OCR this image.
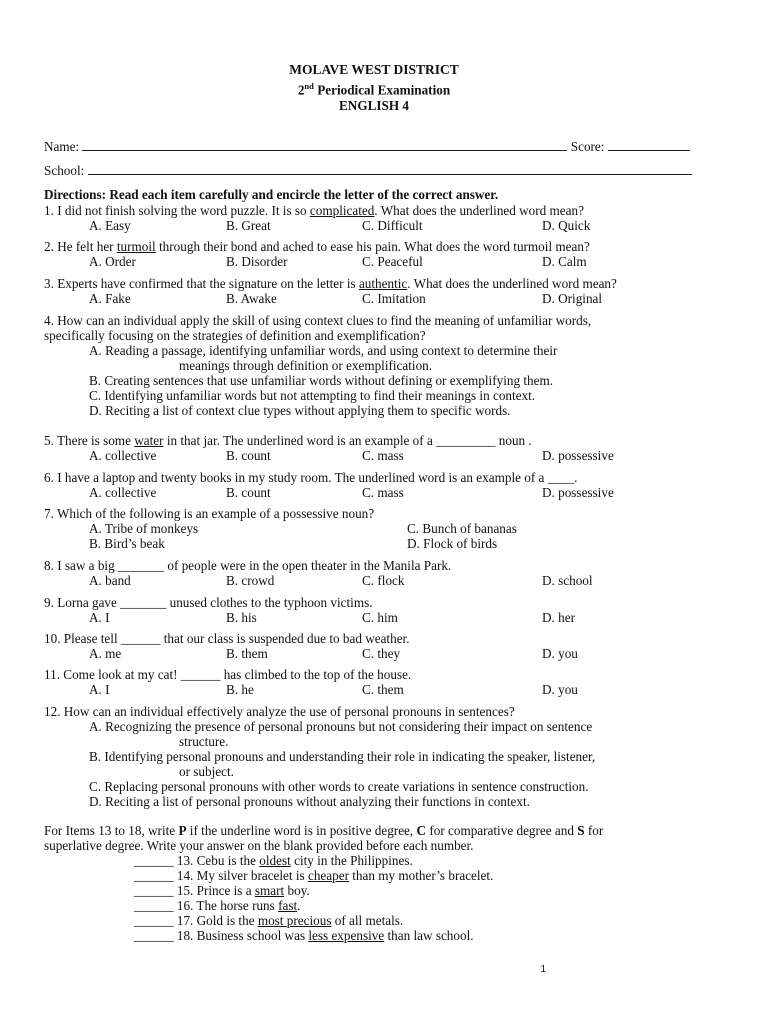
MOLAVE WEST DISTRICT
2nd Periodical Examination
ENGLISH 4
Name:	Score:
School:
Directions: Read each item carefully and encircle the letter of the correct answer.
1. I did not finish solving the word puzzle. It is so complicated. What does the underlined word mean?
A. Easy	B. Great	C. Difficult	D. Quick
2. He felt her turmoil through their bond and ached to ease his pain. What does the word turmoil mean?
A. Order	B. Disorder	C. Peaceful	D. Calm
3. Experts have confirmed that the signature on the letter is authentic. What does the underlined word mean?
A. Fake	B. Awake	C. Imitation	D. Original
4. How can an individual apply the skill of using context clues to find the meaning of unfamiliar words,
specifically focusing on the strategies of definition and exemplification?
A. Reading a passage, identifying unfamiliar words, and using context to determine their
meanings through definition or exemplification.
B. Creating sentences that use unfamiliar words without defining or exemplifying them.
C. Identifying unfamiliar words but not attempting to find their meanings in context.
D. Reciting a list of context clue types without applying them to specific words.
5. There is some water in that jar. The underlined word is an example of a _________ noun .
A. collective	B. count	C. mass	D. possessive
6. I have a laptop and twenty books in my study room. The underlined word is an example of a ____.
A. collective	B. count	C. mass	D. possessive
7. Which of the following is an example of a possessive noun?
A. Tribe of monkeys	C. Bunch of bananas
B. Bird’s beak	D. Flock of birds
8. I saw a big _______ of people were in the open theater in the Manila Park.
A. band	B. crowd	C. flock	D. school
9. Lorna gave _______ unused clothes to the typhoon victims.
A. I	B. his	C. him	D. her
10. Please tell ______ that our class is suspended due to bad weather.
A. me	B. them	C. they	D. you
11. Come look at my cat! ______ has climbed to the top of the house.
A. I	B. he	C. them	D. you
12. How can an individual effectively analyze the use of personal pronouns in sentences?
A. Recognizing the presence of personal pronouns but not considering their impact on sentence
structure.
B. Identifying personal pronouns and understanding their role in indicating the speaker, listener,
or subject.
C. Replacing personal pronouns with other words to create variations in sentence construction.
D. Reciting a list of personal pronouns without analyzing their functions in context.
For Items 13 to 18, write P if the underline word is in positive degree, C for comparative degree and S for
superlative degree. Write your answer on the blank provided before each number.
______ 13. Cebu is the oldest city in the Philippines.
______ 14. My silver bracelet is cheaper than my mother’s bracelet.
______ 15. Prince is a smart boy.
______ 16. The horse runs fast.
______ 17. Gold is the most precious of all metals.
______ 18. Business school was less expensive than law school.
1
